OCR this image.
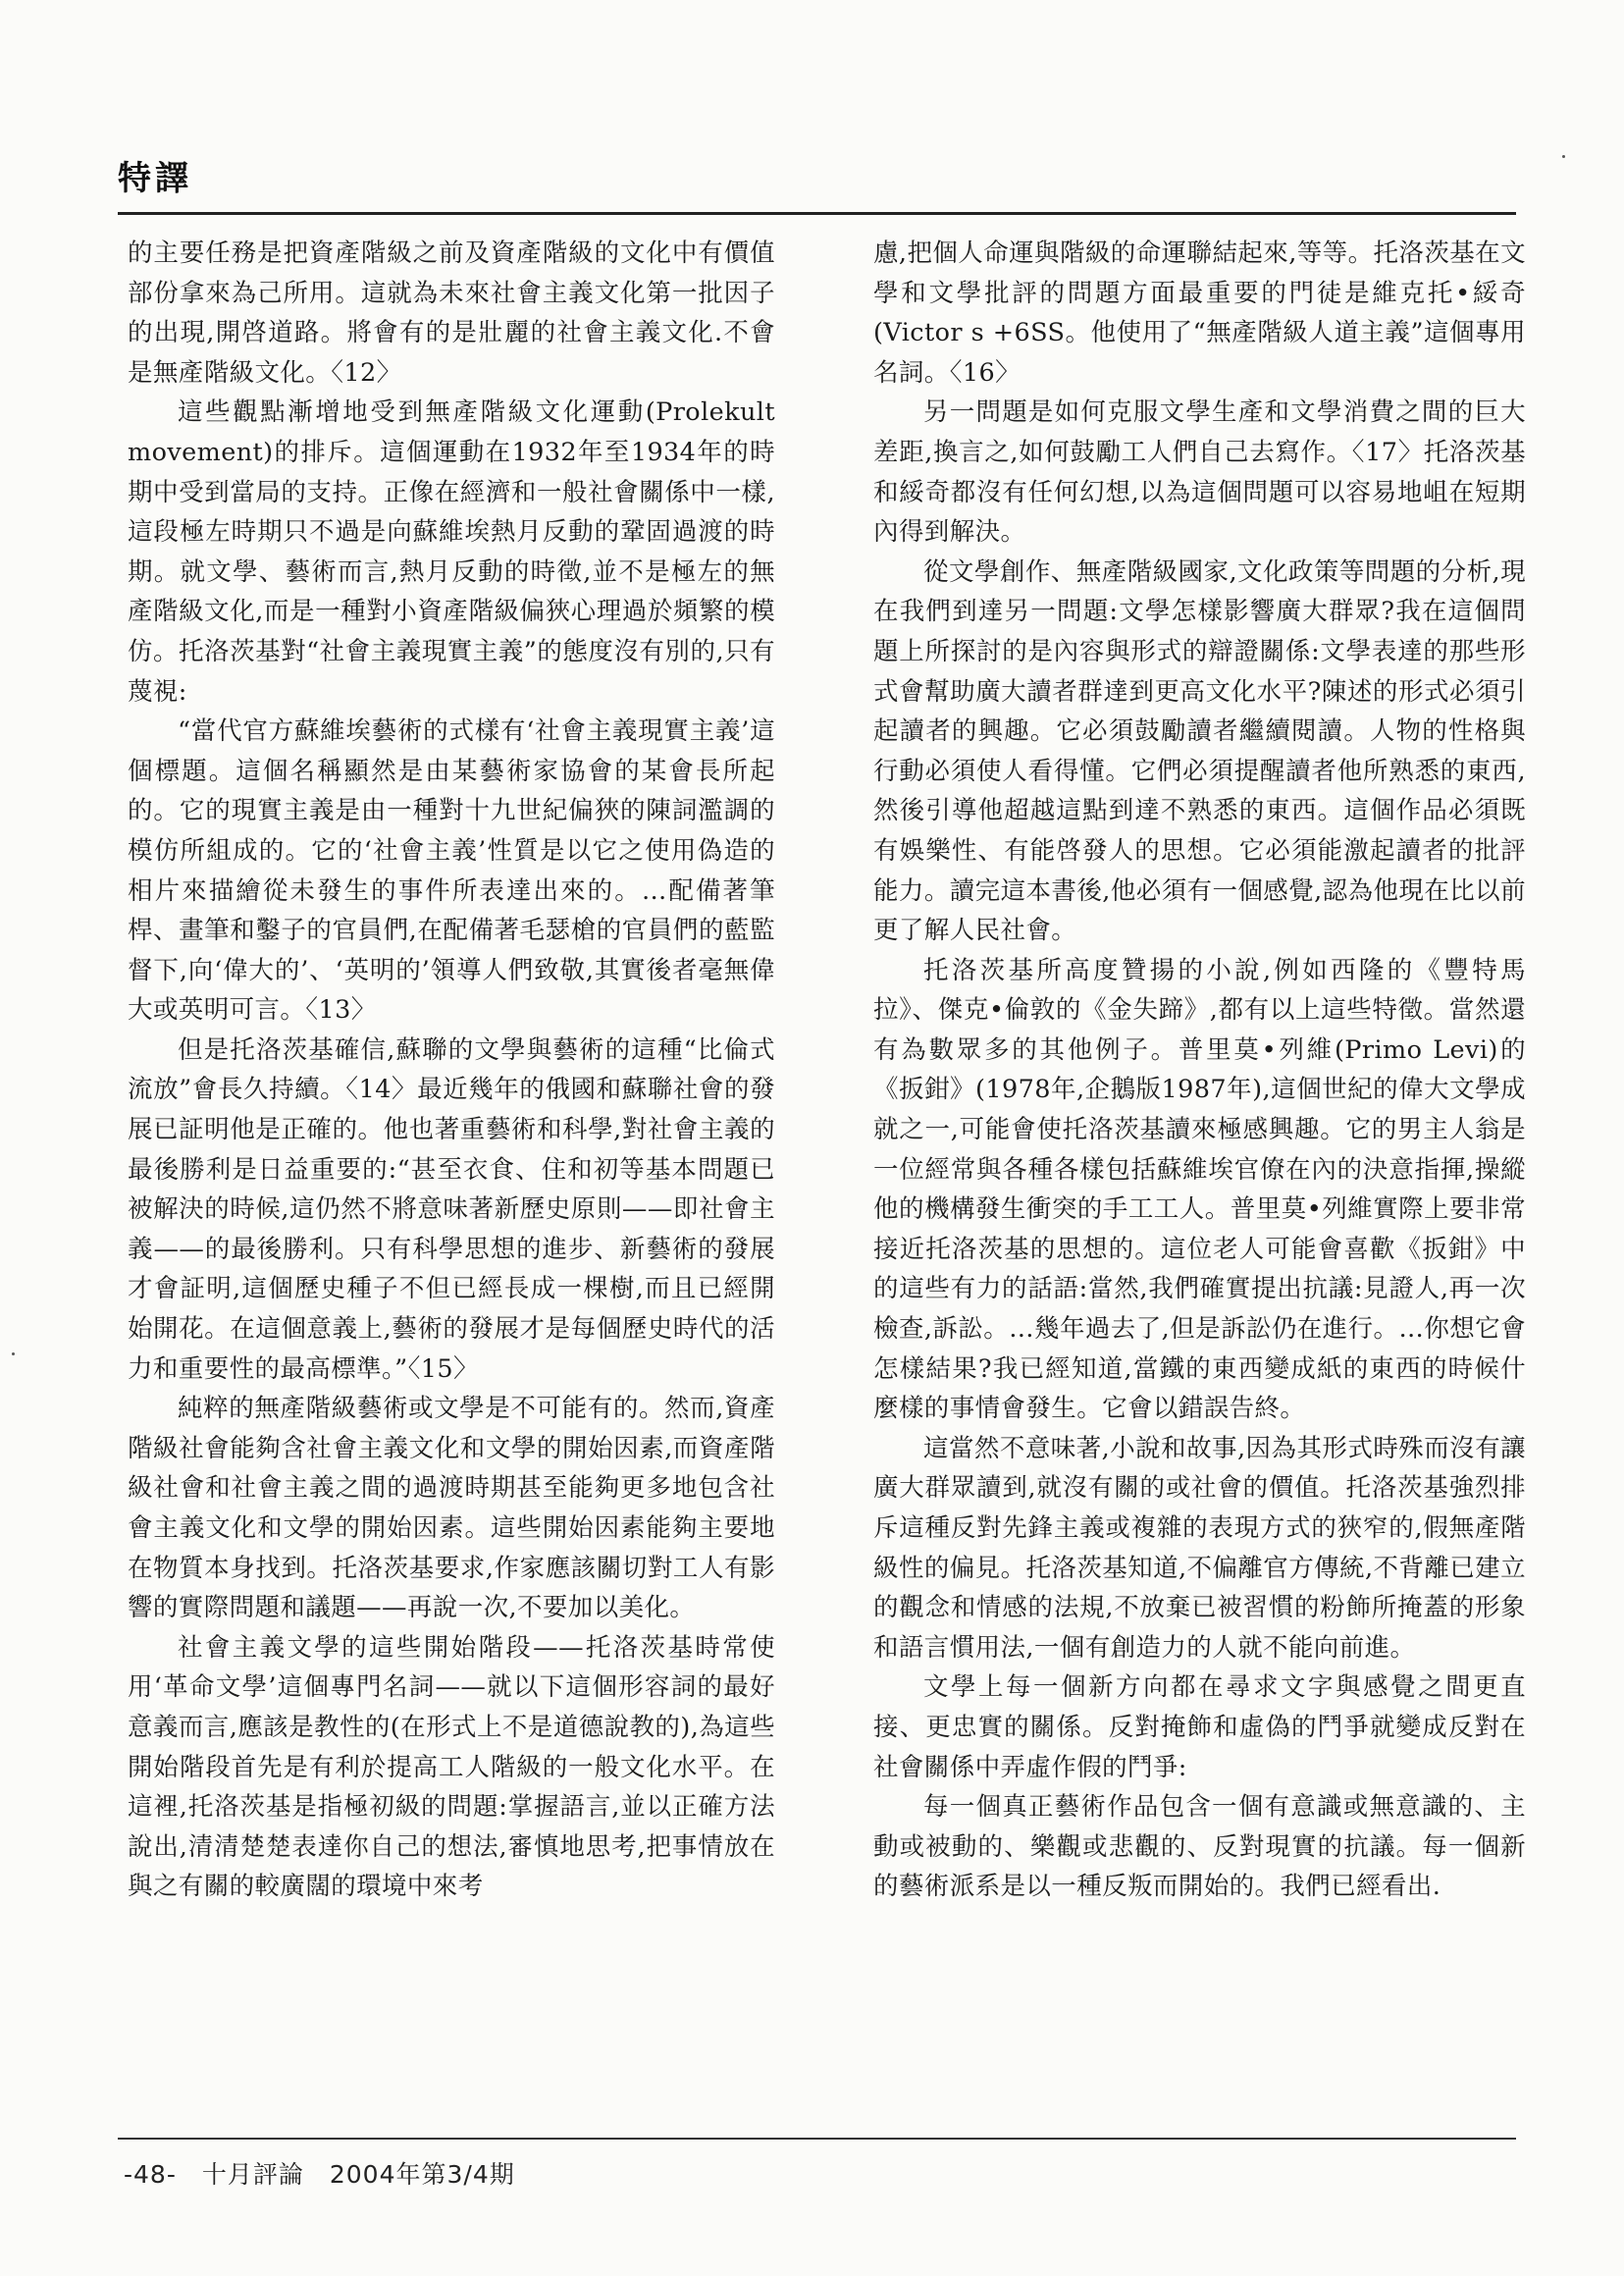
特譯

的主要任務是把資產階級之前及資產階級的文化中有價值部份拿來為己所用。這就為未來社會主義文化第一批因子的出現,開啓道路。將會有的是壯麗的社會主義文化.不會是無產階級文化。〈12〉

這些觀點漸增地受到無產階級文化運動(Prolekult movement)的排斥。這個運動在1932年至1934年的時期中受到當局的支持。正像在經濟和一般社會關係中一樣,這段極左時期只不過是向蘇維埃熱月反動的鞏固過渡的時期。就文學、藝術而言,熱月反動的時徵,並不是極左的無產階級文化,而是一種對小資產階級偏狹心理過於頻繁的模仿。托洛茨基對“社會主義現實主義”的態度沒有別的,只有蔑視:

“當代官方蘇維埃藝術的式樣有‘社會主義現實主義’這個標題。這個名稱顯然是由某藝術家協會的某會長所起的。它的現實主義是由一種對十九世紀偏狹的陳詞濫調的模仿所組成的。它的‘社會主義’性質是以它之使用偽造的相片來描繪從未發生的事件所表達出來的。…配備著筆桿、畫筆和鑿子的官員們,在配備著毛瑟槍的官員們的藍監督下,向‘偉大的’、‘英明的’領導人們致敬,其實後者毫無偉大或英明可言。〈13〉

但是托洛茨基確信,蘇聯的文學與藝術的這種“比倫式流放”會長久持續。〈14〉最近幾年的俄國和蘇聯社會的發展已証明他是正確的。他也著重藝術和科學,對社會主義的最後勝利是日益重要的:“甚至衣食、住和初等基本問題已被解決的時候,這仍然不將意味著新歷史原則——即社會主義——的最後勝利。只有科學思想的進步、新藝術的發展才會証明,這個歷史種子不但已經長成一棵樹,而且已經開始開花。在這個意義上,藝術的發展才是每個歷史時代的活力和重要性的最高標準。”〈15〉

純粹的無產階級藝術或文學是不可能有的。然而,資產階級社會能夠含社會主義文化和文學的開始因素,而資產階級社會和社會主義之間的過渡時期甚至能夠更多地包含社會主義文化和文學的開始因素。這些開始因素能夠主要地在物質本身找到。托洛茨基要求,作家應該關切對工人有影響的實際問題和議題——再說一次,不要加以美化。

社會主義文學的這些開始階段——托洛茨基時常使用‘革命文學’這個專門名詞——就以下這個形容詞的最好意義而言,應該是教性的(在形式上不是道德說教的),為這些開始階段首先是有利於提高工人階級的一般文化水平。在這裡,托洛茨基是指極初級的問題:掌握語言,並以正確方法說出,清清楚楚表達你自己的想法,審慎地思考,把事情放在與之有關的較廣闊的環境中來考

慮,把個人命運與階級的命運聯結起來,等等。托洛茨基在文學和文學批評的問題方面最重要的門徒是維克托•綏奇(Victor s +6SS。他使用了“無產階級人道主義”這個專用名詞。〈16〉

另一問題是如何克服文學生產和文學消費之間的巨大差距,換言之,如何鼓勵工人們自己去寫作。〈17〉托洛茨基和綏奇都沒有任何幻想,以為這個問題可以容易地岨在短期內得到解決。

從文學創作、無產階級國家,文化政策等問題的分析,現在我們到達另一問題:文學怎樣影響廣大群眾?我在這個問題上所探討的是內容與形式的辯證關係:文學表達的那些形式會幫助廣大讀者群達到更高文化水平?陳述的形式必須引起讀者的興趣。它必須鼓勵讀者繼續閱讀。人物的性格與行動必須使人看得懂。它們必須提醒讀者他所熟悉的東西,然後引導他超越這點到達不熟悉的東西。這個作品必須既有娛樂性、有能啓發人的思想。它必須能激起讀者的批評能力。讀完這本書後,他必須有一個感覺,認為他現在比以前更了解人民社會。

托洛茨基所高度贊揚的小說,例如西隆的《豐特馬拉》、傑克•倫敦的《金失蹄》,都有以上這些特徵。當然還有為數眾多的其他例子。普里莫•列維(Primo Levi)的《扳鉗》(1978年,企鵝版1987年),這個世紀的偉大文學成就之一,可能會使托洛茨基讀來極感興趣。它的男主人翁是一位經常與各種各樣包括蘇維埃官僚在內的決意指揮,操縱他的機構發生衝突的手工工人。普里莫•列維實際上要非常接近托洛茨基的思想的。這位老人可能會喜歡《扳鉗》中的這些有力的話語:當然,我們確實提出抗議:見證人,再一次檢查,訴訟。…幾年過去了,但是訴訟仍在進行。…你想它會怎樣結果?我已經知道,當鐵的東西變成紙的東西的時候什麼樣的事情會發生。它會以錯誤告終。

這當然不意味著,小說和故事,因為其形式時殊而沒有讓廣大群眾讀到,就沒有關的或社會的價值。托洛茨基強烈排斥這種反對先鋒主義或複雜的表現方式的狹窄的,假無產階級性的偏見。托洛茨基知道,不偏離官方傳統,不背離已建立的觀念和情感的法規,不放棄已被習慣的粉飾所掩蓋的形象和語言慣用法,一個有創造力的人就不能向前進。

文學上每一個新方向都在尋求文字與感覺之間更直接、更忠實的關係。反對掩飾和虛偽的鬥爭就變成反對在社會關係中弄虛作假的鬥爭:

每一個真正藝術作品包含一個有意識或無意識的、主動或被動的、樂觀或悲觀的、反對現實的抗議。每一個新的藝術派系是以一種反叛而開始的。我們已經看出.

-48- 十月評論 2004年第3/4期
